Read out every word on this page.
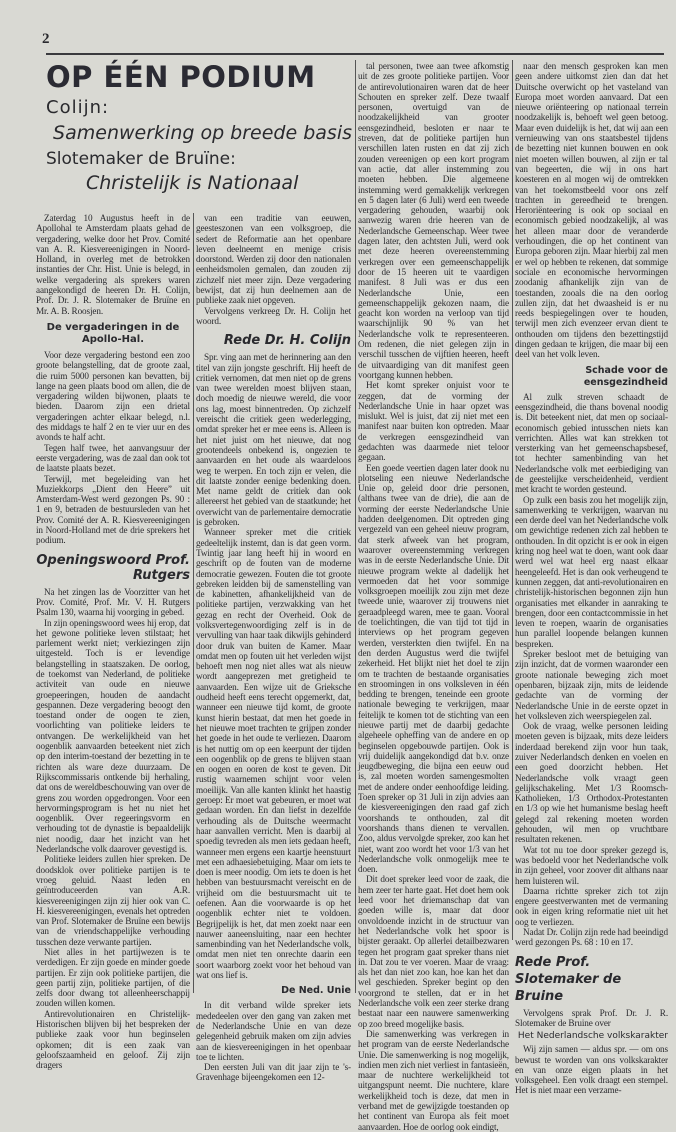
2
OP ÉÉN PODIUM
Colijn:
Samenwerking op breede basis
Slotemaker de Bruïne:
Christelijk is Nationaal

Zaterdag 10 Augustus heeft in de Apollohal te Amsterdam plaats gehad de vergadering, welke door het Prov. Comité van A. R. Kiesvereenigingen in Noord-Holland, in overleg met de betrokken instanties der Chr. Hist. Unie is belegd, in welke vergadering als sprekers waren aangekondigd de heeren Dr. H. Colijn, Prof. Dr. J. R. Slotemaker de Bruïne en Mr. A. B. Roosjen.

De vergaderingen in de Apollo-Hal.

Voor deze vergadering bestond een zoo groote belangstelling, dat de groote zaal, die ruim 5000 personen kan bevatten, bij lange na geen plaats bood om allen, die de vergadering wilden bijwonen, plaats te bieden. Daarom zijn een drietal vergaderingen achter elkaar belegd, n.l. des middags te half 2 en te vier uur en des avonds te half acht.

Tegen half twee, het aanvangsuur der eerste vergadering, was de zaal dan ook tot de laatste plaats bezet.

Terwijl, met begeleiding van het Muziekkorps „Dient den Heere” uit Amsterdam-West werd gezongen Ps. 90 : 1 en 9, betraden de bestuursleden van het Prov. Comité der A. R. Kiesvereenigingen in Noord-Holland met de drie sprekers het podium.

Openingswoord Prof. Rutgers

Na het zingen las de Voorzitter van het Prov. Comité, Prof. Mr. V. H. Rutgers Psalm 130, waarna hij voorging in gebed.

In zijn openingswoord wees hij erop, dat het gewone politieke leven stilstaat; het parlement werkt niet; verkiezingen zijn uitgesteld. Toch is er levendige belangstelling in staatszaken. De oorlog, de toekomst van Nederland, de politieke activiteit van oude en nieuwe groepeeringen, houden de aandacht gespannen. Deze vergadering beoogt den toestand onder de oogen te zien, voorlichting van politieke leiders te ontvangen. De werkelijkheid van het oogenblik aanvaarden beteekent niet zich op den interim-toestand der bezetting in te richten als ware deze duurzaam. De Rijkscommissaris ontkende bij herhaling, dat ons de wereldbeschouwing van over de grens zou worden opgedrongen. Voor een hervormingsprogram is het nu niet het oogenblik. Over regeeringsvorm en verhouding tot de dynastie is bepaaldelijk niet noodig, daar het inzicht van het Nederlandsche volk daarover gevestigd is.

Politieke leiders zullen hier spreken. De doodsklok over politieke partijen is te vroeg geluid. Naast leden en geïntroduceerden van A.R. kiesvereenigingen zijn zij hier ook van C. H. kiesvereenigingen, evenals het optreden van Prof. Slotemaker de Bruïne een bewijs van de vriendschappelijke verhouding tusschen deze verwante partijen.

Niet alles in het partijwezen is te verdedigen. Er zijn goede en minder goede partijen. Er zijn ook politieke partijen, die geen partij zijn, politieke partijen, of die zelfs door dwang tot alleenheerschappij zouden willen komen.

Antirevolutionairen en Christelijk-Historischen blijven bij het bespreken der publieke zaak voor hun beginselen opkomen; dit is een zaak van geloofszaamheid en geloof. Zij zijn dragers

van een traditie van eeuwen, geesteszonen van een volksgroep, die sedert de Reformatie aan het openbare leven deelneemt en menige crisis doorstond. Werden zij door den nationalen eenheidsmolen gemalen, dan zouden zij zichzelf niet meer zijn. Deze vergadering bewijst, dat zij hun deelnemen aan de publieke zaak niet opgeven.

Vervolgens verkreeg Dr. H. Colijn het woord.

Rede Dr. H. Colijn

Spr. ving aan met de herinnering aan den titel van zijn jongste geschrift. Hij heeft de critiek vernomen, dat men niet op de grens van twee werelden moest blijven staan, doch moedig de nieuwe wereld, die voor ons lag, moest binnentreden. Op zichzelf vereischt die critiek geen wederlegging, omdat spreker het er mee eens is. Alleen is het niet juist om het nieuwe, dat nog grootendeels onbekend is, ongezien te aanvaarden en het oude als waardeloos weg te werpen. En toch zijn er velen, die dit laatste zonder eenige bedenking doen. Met name geldt de critiek dan ook allereerst het gebied van de staatkunde; het overwicht van de parlementaire democratie is gebroken.

Wanneer spreker met die critiek gedeeltelijk instemt, dan is dat geen vorm. Twintig jaar lang heeft hij in woord en geschrift op de fouten van de moderne democratie gewezen. Fouten die tot groote gebreken leidden bij de samenstelling van de kabinetten, afhankelijkheid van de politieke partijen, verzwakking van het gezag en recht der Overheid. Ook de volksvertegenwoordiging zelf is in de vervulling van haar taak dikwijls gehinderd door druk van buiten de Kamer. Maar omdat men op fouten uit het verleden wijst behoeft men nog niet alles wat als nieuw wordt aangeprezen met gretigheid te aanvaarden. Een wijze uit de Grieksche oudheid heeft eens terecht opgemerkt, dat, wanneer een nieuwe tijd komt, de groote kunst hierin bestaat, dat men het goede in het nieuwe moet trachten te grijpen zonder het goede in het oude te verliezen. Daarom is het nuttig om op een keerpunt der tijden een oogenblik op de grens te blijven staan en oogen en ooren de kost te geven. Dit rustig waarnemen schijnt voor velen moeilijk. Van alle kanten klinkt het haastig geroep: Er moet wat gebeuren, er moet wat gedaan worden. En dan liefst in dezelfde verhouding als de Duitsche weermacht haar aanvallen verricht. Men is daarbij al spoedig tevreden als men iets gedaan heeft, wanneer men ergens een kaartje heenstuurt met een adhaesiebetuiging. Maar om iets te doen is meer noodig. Om iets te doen is het hebben van bestuursmacht vereischt en de vrijheid om die bestuursmacht uit te oefenen. Aan die voorwaarde is op het oogenblik echter niet te voldoen. Begrijpelijk is het, dat men zoekt naar een nauwer aaneensluiting, naar een hechter samenbinding van het Nederlandsche volk, omdat men niet ten onrechte daarin een soort waarborg zoekt voor het behoud van wat ons lief is.

De Ned. Unie

In dit verband wilde spreker iets mededeelen over den gang van zaken met de Nederlandsche Unie en van deze gelegenheid gebruik maken om zijn advies aan de kiesvereenigingen in het openbaar toe te lichten.

Den eersten Juli van dit jaar zijn te 's-Gravenhage bijeengekomen een 12-

tal personen, twee aan twee afkomstig uit de zes groote politieke partijen. Voor de antirevolutionairen waren dat de heer Schouten en spreker zelf. Deze twaalf personen, overtuigd van de noodzakelijkheid van grooter eensgezindheid, besloten er naar te streven, dat de politieke partijen hun verschillen laten rusten en dat zij zich zouden vereenigen op een kort program van actie, dat aller instemming zou moeten hebben. Die algemeene instemming werd gemakkelijk verkregen en 5 dagen later (6 Juli) werd een tweede vergadering gehouden, waarbij ook aanwezig waren drie heeren van de Nederlandsche Gemeenschap. Weer twee dagen later, den achtsten Juli, werd ook met deze heeren overeenstemming verkregen over een gemeenschappelijk door de 15 heeren uit te vaardigen manifest. 8 Juli was er dus een Nederlandsche Unie, een gemeenschappelijk gekozen naam, die geacht kon worden na verloop van tijd waarschijnlijk 90 % van het Nederlandsche volk te representeeren. Om redenen, die niet gelegen zijn in verschil tusschen de vijftien heeren, heeft de uitvaardiging van dit manifest geen voortgang kunnen hebben.

Het komt spreker onjuist voor te zeggen, dat de vorming der Nederlandsche Unie in haar opzet was mislukt. Wel is juist, dat zij niet met een manifest naar buiten kon optreden. Maar de verkregen eensgezindheid van gedachten was daarmede niet teloor gegaan.

Een goede veertien dagen later dook nu plotseling een nieuwe Nederlandsche Unie op, geleid door drie personen, (althans twee van de drie), die aan de vorming der eerste Nederlandsche Unie hadden deelgenomen. Dit optreden ging vergezeld van een geheel nieuw program, dat sterk afweek van het program, waarover overeenstemming verkregen was in de eerste Nederlandsche Unie. Dit nieuwe program wekte al dadelijk het vermoeden dat het voor sommige volksgroepen moeilijk zou zijn met deze tweede unie, waarover zij trouwens niet geraadpleegd waren, mee te gaan. Vooral de toelichtingen, die van tijd tot tijd in interviews op het program gegeven werden, versterkten dien twijfel. En na den derden Augustus werd die twijfel zekerheid. Het blijkt niet het doel te zijn om te trachten de bestaande organisaties en stroomingen in ons volksleven in één bedding te brengen, teneinde een groote nationale beweging te verkrijgen, maar feitelijk te komen tot de stichting van een nieuwe partij met de daarbij gedachte algeheele opheffing van de andere en op beginselen opgebouwde partijen. Ook is vrij duidelijk aangekondigd dat b.v. onze jeugdbeweging, die bijna een eeuw oud is, zal moeten worden samengesmolten met de andere onder eenhoofdige leiding. Toen spreker op 31 Juli in zijn advies aan de kiesvereenigingen den raad gaf zich voorshands te onthouden, zal dit voorshands thans dienen te vervallen. Zoo, aldus vervolgde spreker, zoo kan het niet, want zoo wordt het voor 1/3 van het Nederlandsche volk onmogelijk mee te doen.

Dit doet spreker leed voor de zaak, die hem zeer ter harte gaat. Het doet hem ook leed voor het driemanschap dat van goeden wille is, maar dat door onvoldoende inzicht in de structuur van het Nederlandsche volk het spoor is bijster geraakt. Op allerlei detailbezwaren tegen het program gaat spreker thans niet in. Dat zou te ver voeren. Maar de vraag: als het dan niet zoo kan, hoe kan het dan wel geschieden. Spreker begint op den voorgrond te stellen, dat er in het Nederlandsche volk een zeer sterke drang bestaat naar een nauwere samenwerking op zoo breed mogelijke basis.

Die samenwerking was verkregen in het program van de eerste Nederlandsche Unie. Die samenwerking is nog mogelijk, indien men zich niet verliest in fantasieën, maar de nuchtere werkelijkheid tot uitgangspunt neemt. Die nuchtere, klare werkelijkheid toch is deze, dat men in verband met de gewijzigde toestanden op het continent van Europa als feit moet aanvaarden. Hoe de oorlog ook eindigt,

naar den mensch gesproken kan men geen andere uitkomst zien dan dat het Duitsche overwicht op het vasteland van Europa moet worden aanvaard. Dat een nieuwe oriënteering op nationaal terrein noodzakelijk is, behoeft wel geen betoog. Maar even duidelijk is het, dat wij aan een vernieuwing van ons staatsbestel tijdens de bezetting niet kunnen bouwen en ook niet moeten willen bouwen, al zijn er tal van begeerten, die wij in ons hart koesteren en al mogen wij de omtrekken van het toekomstbeeld voor ons zelf trachten in gereedheid te brengen. Heroriënteering is ook op sociaal en economisch gebied noodzakelijk, al was het alleen maar door de veranderde verhoudingen, die op het continent van Europa geboren zijn. Maar hierbij zal men er wel op hebben te rekenen, dat sommige sociale en economische hervormingen zoodanig afhankelijk zijn van de toestanden, zooals die na den oorlog zullen zijn, dat het dwaasheid is er nu reeds bespiegelingen over te houden, terwijl men zich evenzeer ervan dient te onthouden om tijdens den bezettingstijd dingen gedaan te krijgen, die maar bij een deel van het volk leven.

Schade voor de eensgezindheid

Al zulk streven schaadt de eensgezindheid, die thans bovenal noodig is. Dit beteekent niet, dat men op sociaal-economisch gebied intusschen niets kan verrichten. Alles wat kan strekken tot versterking van het gemeenschapsbesef, tot hechter samenbinding van het Nederlandsche volk met eerbiediging van de geestelijke verscheidenheid, verdient met kracht te worden gesteund.

Op zulk een basis zou het mogelijk zijn, samenwerking te verkrijgen, waarvan nu een derde deel van het Nederlandsche volk om gewichtige redenen zich zal hebben te onthouden. In dit opzicht is er ook in eigen kring nog heel wat te doen, want ook daar werd wel wat heel erg naast elkaar heengeleefd. Het is dan ook verheugend te kunnen zeggen, dat anti-revolutionairen en christelijk-historischen begonnen zijn hun organisaties met elkander in aanraking te brengen, door een contactcommissie in het leven te roepen, waarin de organisaties hun parallel loopende belangen kunnen bespreken.

Spreker besloot met de betuiging van zijn inzicht, dat de vormen waaronder een groote nationale beweging zich moet openbaren, bijzaak zijn, mits de leidende gedachte van de vorming der Nederlandsche Unie in de eerste opzet in het volksleven zich weerspiegelen zal.

Ook de vraag, welke personen leiding moeten geven is bijzaak, mits deze leiders inderdaad berekend zijn voor hun taak, zuiver Nederlandsch denken en voelen en een goed doorzicht hebben. Het Nederlandsche volk vraagt geen gelijkschakeling. Met 1/3 Roomsch-Katholieken, 1/3 Orthodox-Protestanten en 1/3 op wie het humanisme beslag heeft gelegd zal rekening moeten worden gehouden, wil men op vruchtbare resultaten rekenen.

Wat tot nu toe door spreker gezegd is, was bedoeld voor het Nederlandsche volk in zijn geheel, voor zoover dit althans naar hem luisteren wil.

Daarna richtte spreker zich tot zijn engere geestverwanten met de vermaning ook in eigen kring reformatie niet uit het oog te verliezen.

Nadat Dr. Colijn zijn rede had beeindigd werd gezongen Ps. 68 : 10 en 17.

Rede Prof. Slotemaker de Bruine

Vervolgens sprak Prof. Dr. J. R. Slotemaker de Bruine over

Het Nederlandsche volkskarakter

Wij zijn samen — aldus spr. — om ons bewust te worden van ons volkskarakter en van onze eigen plaats in het volksgeheel. Een volk draagt een stempel. Het is niet maar een verzame-
